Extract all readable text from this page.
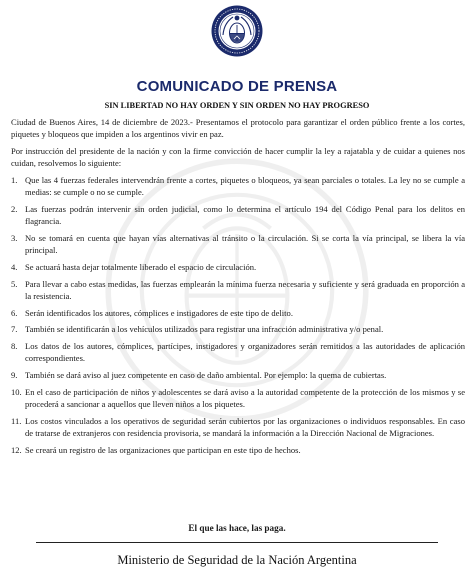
COMUNICADO DE PRENSA
SIN LIBERTAD NO HAY ORDEN Y SIN ORDEN NO HAY PROGRESO

Ciudad de Buenos Aires, 14 de diciembre de 2023.- Presentamos el protocolo para garantizar el orden público frente a los cortes, piquetes y bloqueos que impiden a los argentinos vivir en paz.

Por instrucción del presidente de la nación y con la firme convicción de hacer cumplir la ley a rajatabla y de cuidar a quienes nos cuidan, resolvemos lo siguiente:

1. Que las 4 fuerzas federales intervendrán frente a cortes, piquetes o bloqueos, ya sean parciales o totales. La ley no se cumple a medias: se cumple o no se cumple.
2. Las fuerzas podrán intervenir sin orden judicial, como lo determina el artículo 194 del Código Penal para los delitos en flagrancia.
3. No se tomará en cuenta que hayan vías alternativas al tránsito o la circulación. Si se corta la vía principal, se libera la vía principal.
4. Se actuará hasta dejar totalmente liberado el espacio de circulación.
5. Para llevar a cabo estas medidas, las fuerzas emplearán la mínima fuerza necesaria y suficiente y será graduada en proporción a la resistencia.
6. Serán identificados los autores, cómplices e instigadores de este tipo de delito.
7. También se identificarán a los vehículos utilizados para registrar una infracción administrativa y/o penal.
8. Los datos de los autores, cómplices, partícipes, instigadores y organizadores serán remitidos a las autoridades de aplicación correspondientes.
9. También se dará aviso al juez competente en caso de daño ambiental. Por ejemplo: la quema de cubiertas.
10. En el caso de participación de niños y adolescentes se dará aviso a la autoridad competente de la protección de los mismos y se procederá a sancionar a aquellos que lleven niños a los piquetes.
11. Los costos vinculados a los operativos de seguridad serán cubiertos por las organizaciones o individuos responsables. En caso de tratarse de extranjeros con residencia provisoria, se mandará la información a la Dirección Nacional de Migraciones.
12. Se creará un registro de las organizaciones que participan en este tipo de hechos.
El que las hace, las paga.
Ministerio de Seguridad de la Nación Argentina
